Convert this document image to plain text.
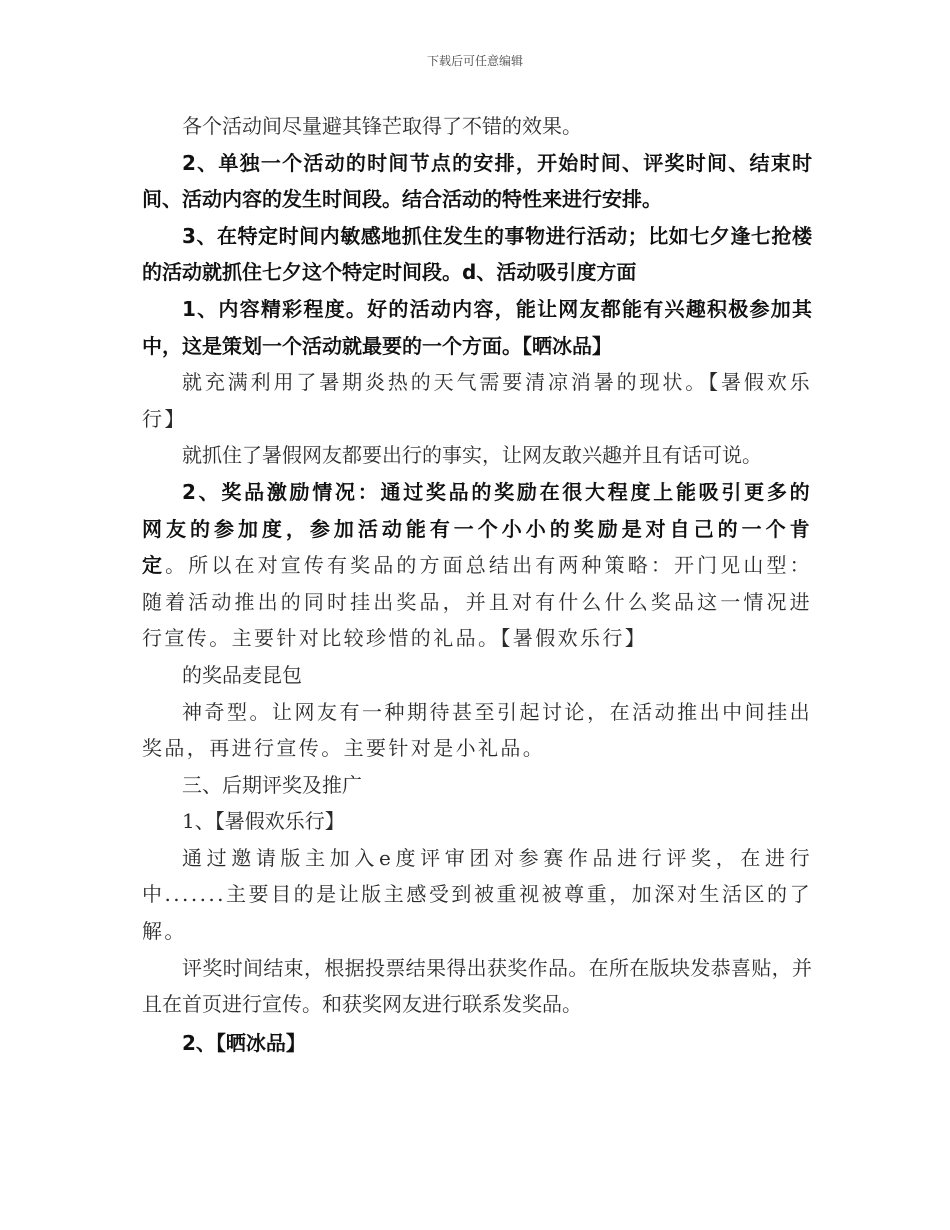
下载后可任意编辑

各个活动间尽量避其锋芒取得了不错的效果。

2、单独一个活动的时间节点的安排，开始时间、评奖时间、结束时间、活动内容的发生时间段。结合活动的特性来进行安排。

3、在特定时间内敏感地抓住发生的事物进行活动；比如七夕逢七抢楼的活动就抓住七夕这个特定时间段。d、活动吸引度方面

1、内容精彩程度。好的活动内容，能让网友都能有兴趣积极参加其中，这是策划一个活动就最要的一个方面。【晒冰品】

就充满利用了暑期炎热的天气需要清凉消暑的现状。【暑假欢乐行】

就抓住了暑假网友都要出行的事实，让网友敢兴趣并且有话可说。

2、奖品激励情况：通过奖品的奖励在很大程度上能吸引更多的网友的参加度，参加活动能有一个小小的奖励是对自己的一个肯定。所以在对宣传有奖品的方面总结出有两种策略：开门见山型：随着活动推出的同时挂出奖品，并且对有什么什么奖品这一情况进行宣传。主要针对比较珍惜的礼品。【暑假欢乐行】

的奖品麦昆包

神奇型。让网友有一种期待甚至引起讨论，在活动推出中间挂出奖品，再进行宣传。主要针对是小礼品。

三、后期评奖及推广

1、【暑假欢乐行】

通过邀请版主加入e度评审团对参赛作品进行评奖，在进行中.......主要目的是让版主感受到被重视被尊重，加深对生活区的了解。

评奖时间结束，根据投票结果得出获奖作品。在所在版块发恭喜贴，并且在首页进行宣传。和获奖网友进行联系发奖品。

2、【晒冰品】
